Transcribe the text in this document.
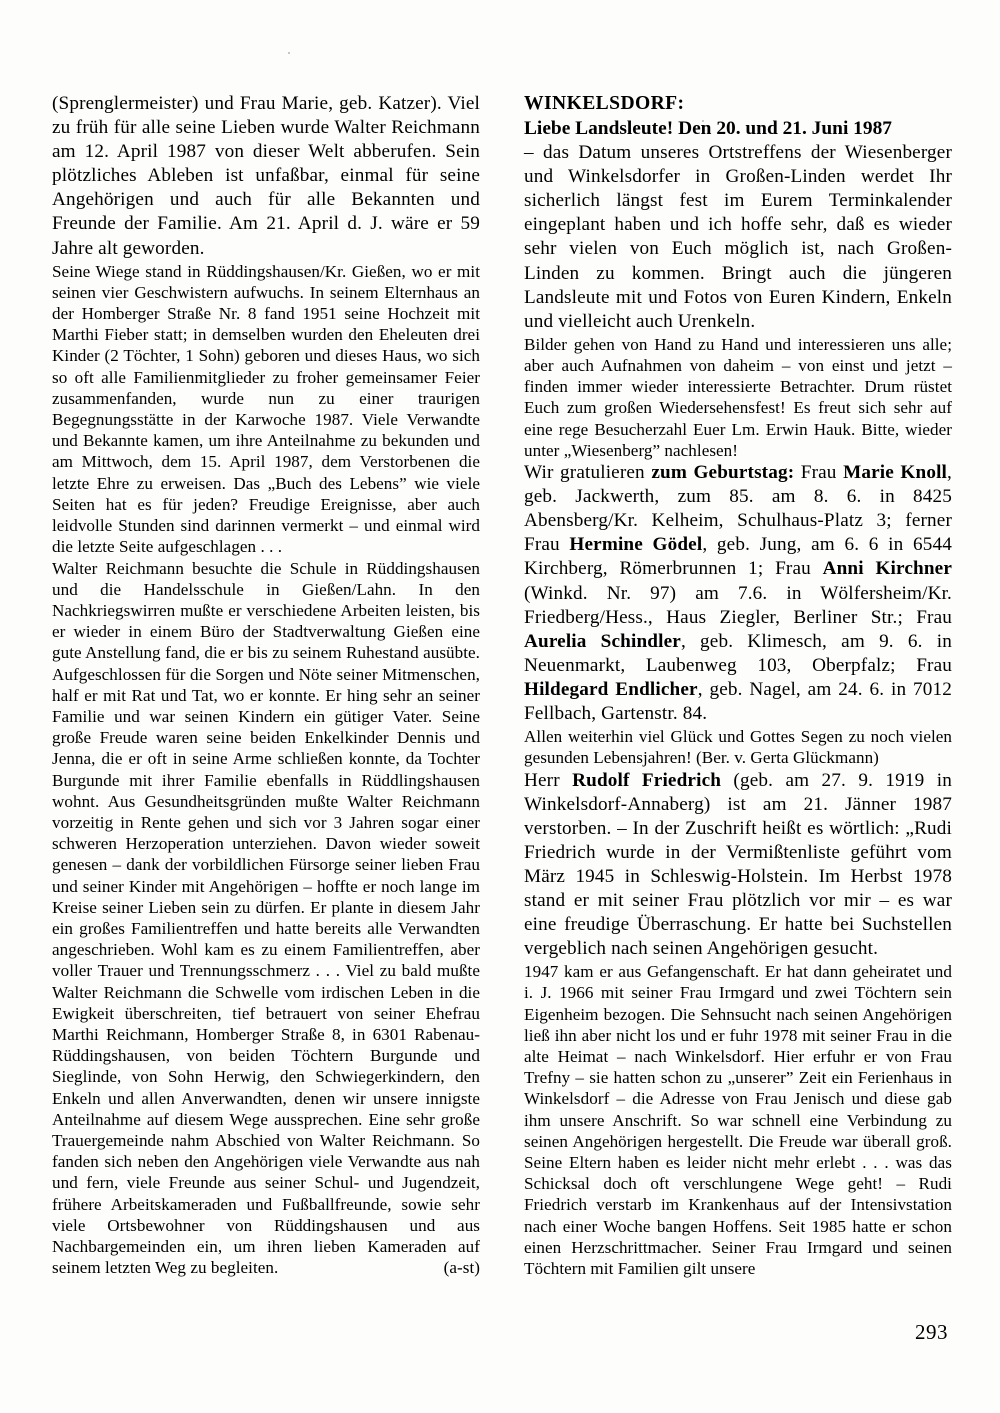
(Sprenglermeister) und Frau Marie, geb. Katzer). Viel zu früh für alle seine Lieben wurde Walter Reichmann am 12. April 1987 von dieser Welt abberufen. Sein plötzliches Ableben ist unfaßbar, einmal für seine Angehörigen und auch für alle Bekannten und Freunde der Familie. Am 21. April d. J. wäre er 59 Jahre alt geworden.

Seine Wiege stand in Rüddingshausen/Kr. Gießen, wo er mit seinen vier Geschwistern aufwuchs. In seinem Elternhaus an der Homberger Straße Nr. 8 fand 1951 seine Hochzeit mit Marthi Fieber statt; in demselben wurden den Eheleuten drei Kinder (2 Töchter, 1 Sohn) geboren und dieses Haus, wo sich so oft alle Familienmitglieder zu froher gemeinsamer Feier zusammenfanden, wurde nun zu einer traurigen Begegnungsstätte in der Karwoche 1987. Viele Verwandte und Bekannte kamen, um ihre Anteilnahme zu bekunden und am Mittwoch, dem 15. April 1987, dem Verstorbenen die letzte Ehre zu erweisen. Das „Buch des Lebens” wie viele Seiten hat es für jeden? Freudige Ereignisse, aber auch leidvolle Stunden sind darinnen vermerkt – und einmal wird die letzte Seite aufgeschlagen . . .

Walter Reichmann besuchte die Schule in Rüddingshausen und die Handelsschule in Gießen/Lahn. In den Nachkriegswirren mußte er verschiedene Arbeiten leisten, bis er wieder in einem Büro der Stadtverwaltung Gießen eine gute Anstellung fand, die er bis zu seinem Ruhestand ausübte. Aufgeschlossen für die Sorgen und Nöte seiner Mitmenschen, half er mit Rat und Tat, wo er konnte. Er hing sehr an seiner Familie und war seinen Kindern ein gütiger Vater. Seine große Freude waren seine beiden Enkelkinder Dennis und Jenna, die er oft in seine Arme schließen konnte, da Tochter Burgunde mit ihrer Familie ebenfalls in Rüddlingshausen wohnt. Aus Gesundheitsgründen mußte Walter Reichmann vorzeitig in Rente gehen und sich vor 3 Jahren sogar einer schweren Herzoperation unterziehen. Davon wieder soweit genesen – dank der vorbildlichen Fürsorge seiner lieben Frau und seiner Kinder mit Angehörigen – hoffte er noch lange im Kreise seiner Lieben sein zu dürfen. Er plante in diesem Jahr ein großes Familientreffen und hatte bereits alle Verwandten angeschrieben. Wohl kam es zu einem Familientreffen, aber voller Trauer und Trennungsschmerz . . . Viel zu bald mußte Walter Reichmann die Schwelle vom irdischen Leben in die Ewigkeit überschreiten, tief betrauert von seiner Ehefrau Marthi Reichmann, Homberger Straße 8, in 6301 Rabenau-Rüddingshausen, von beiden Töchtern Burgunde und Sieglinde, von Sohn Herwig, den Schwiegerkindern, den Enkeln und allen Anverwandten, denen wir unsere innigste Anteilnahme auf diesem Wege aussprechen. Eine sehr große Trauergemeinde nahm Abschied von Walter Reichmann. So fanden sich neben den Angehörigen viele Verwandte aus nah und fern, viele Freunde aus seiner Schul- und Jugendzeit, frühere Arbeitskameraden und Fußballfreunde, sowie sehr viele Ortsbewohner von Rüddingshausen und aus Nachbargemeinden ein, um ihren lieben Kameraden auf seinem letzten Weg zu begleiten.	(a-st)

WINKELSDORF:

Liebe Landsleute! Den 20. und 21. Juni 1987

– das Datum unseres Ortstreffens der Wiesenberger und Winkelsdorfer in Großen-Linden werdet Ihr sicherlich längst fest im Eurem Terminkalender eingeplant haben und ich hoffe sehr, daß es wieder sehr vielen von Euch möglich ist, nach Großen-Linden zu kommen. Bringt auch die jüngeren Landsleute mit und Fotos von Euren Kindern, Enkeln und vielleicht auch Urenkeln.

Bilder gehen von Hand zu Hand und interessieren uns alle; aber auch Aufnahmen von daheim – von einst und jetzt – finden immer wieder interessierte Betrachter. Drum rüstet Euch zum großen Wiedersehensfest! Es freut sich sehr auf eine rege Besucherzahl Euer Lm. Erwin Hauk. Bitte, wieder unter „Wiesenberg” nachlesen!

Wir gratulieren zum Geburtstag: Frau Marie Knoll, geb. Jackwerth, zum 85. am 8. 6. in 8425 Abensberg/Kr. Kelheim, Schulhaus-Platz 3; ferner Frau Hermine Gödel, geb. Jung, am 6. 6 in 6544 Kirchberg, Römerbrunnen 1; Frau Anni Kirchner (Winkd. Nr. 97) am 7.6. in Wölfersheim/Kr. Friedberg/Hess., Haus Ziegler, Berliner Str.; Frau Aurelia Schindler, geb. Klimesch, am 9. 6. in Neuenmarkt, Laubenweg 103, Oberpfalz; Frau Hildegard Endlicher, geb. Nagel, am 24. 6. in 7012 Fellbach, Gartenstr. 84.

Allen weiterhin viel Glück und Gottes Segen zu noch vielen gesunden Lebensjahren! (Ber. v. Gerta Glückmann)

Herr Rudolf Friedrich (geb. am 27. 9. 1919 in Winkelsdorf-Annaberg) ist am 21. Jänner 1987 verstorben. – In der Zuschrift heißt es wörtlich: „Rudi Friedrich wurde in der Vermißtenliste geführt vom März 1945 in Schleswig-Holstein. Im Herbst 1978 stand er mit seiner Frau plötzlich vor mir – es war eine freudige Überraschung. Er hatte bei Suchstellen vergeblich nach seinen Angehörigen gesucht.

1947 kam er aus Gefangenschaft. Er hat dann geheiratet und i. J. 1966 mit seiner Frau Irmgard und zwei Töchtern sein Eigenheim bezogen. Die Sehnsucht nach seinen Angehörigen ließ ihn aber nicht los und er fuhr 1978 mit seiner Frau in die alte Heimat – nach Winkelsdorf. Hier erfuhr er von Frau Trefny – sie hatten schon zu „unserer” Zeit ein Ferienhaus in Winkelsdorf – die Adresse von Frau Jenisch und diese gab ihm unsere Anschrift. So war schnell eine Verbindung zu seinen Angehörigen hergestellt. Die Freude war überall groß. Seine Eltern haben es leider nicht mehr erlebt . . . was das Schicksal doch oft verschlungene Wege geht! – Rudi Friedrich verstarb im Krankenhaus auf der Intensivstation nach einer Woche bangen Hoffens. Seit 1985 hatte er schon einen Herzschrittmacher. Seiner Frau Irmgard und seinen Töchtern mit Familien gilt unsere

293
